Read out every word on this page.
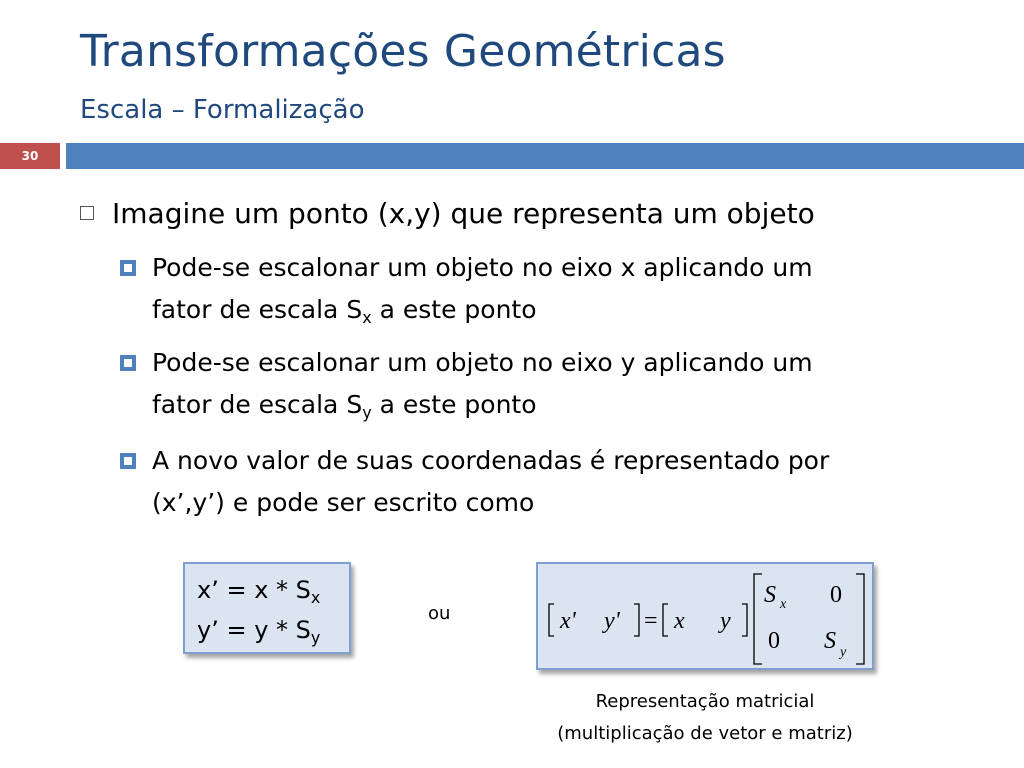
Transformações Geométricas
Escala – Formalização
30
Imagine um ponto (x,y) que representa um objeto
Pode-se escalonar um objeto no eixo x aplicando um
fator de escala $S_x$ a este ponto
Pode-se escalonar um objeto no eixo y aplicando um
fator de escala $S_y$ a este ponto
A novo valor de suas coordenadas é representado por
(x’,y’) e pode ser escrito como
x’ = x * $S_x$
y’ = y * $S_y$
ou	x' y' = x y
S x 0
0 S y
Representação matricial
(multiplicação de vetor e matriz)
